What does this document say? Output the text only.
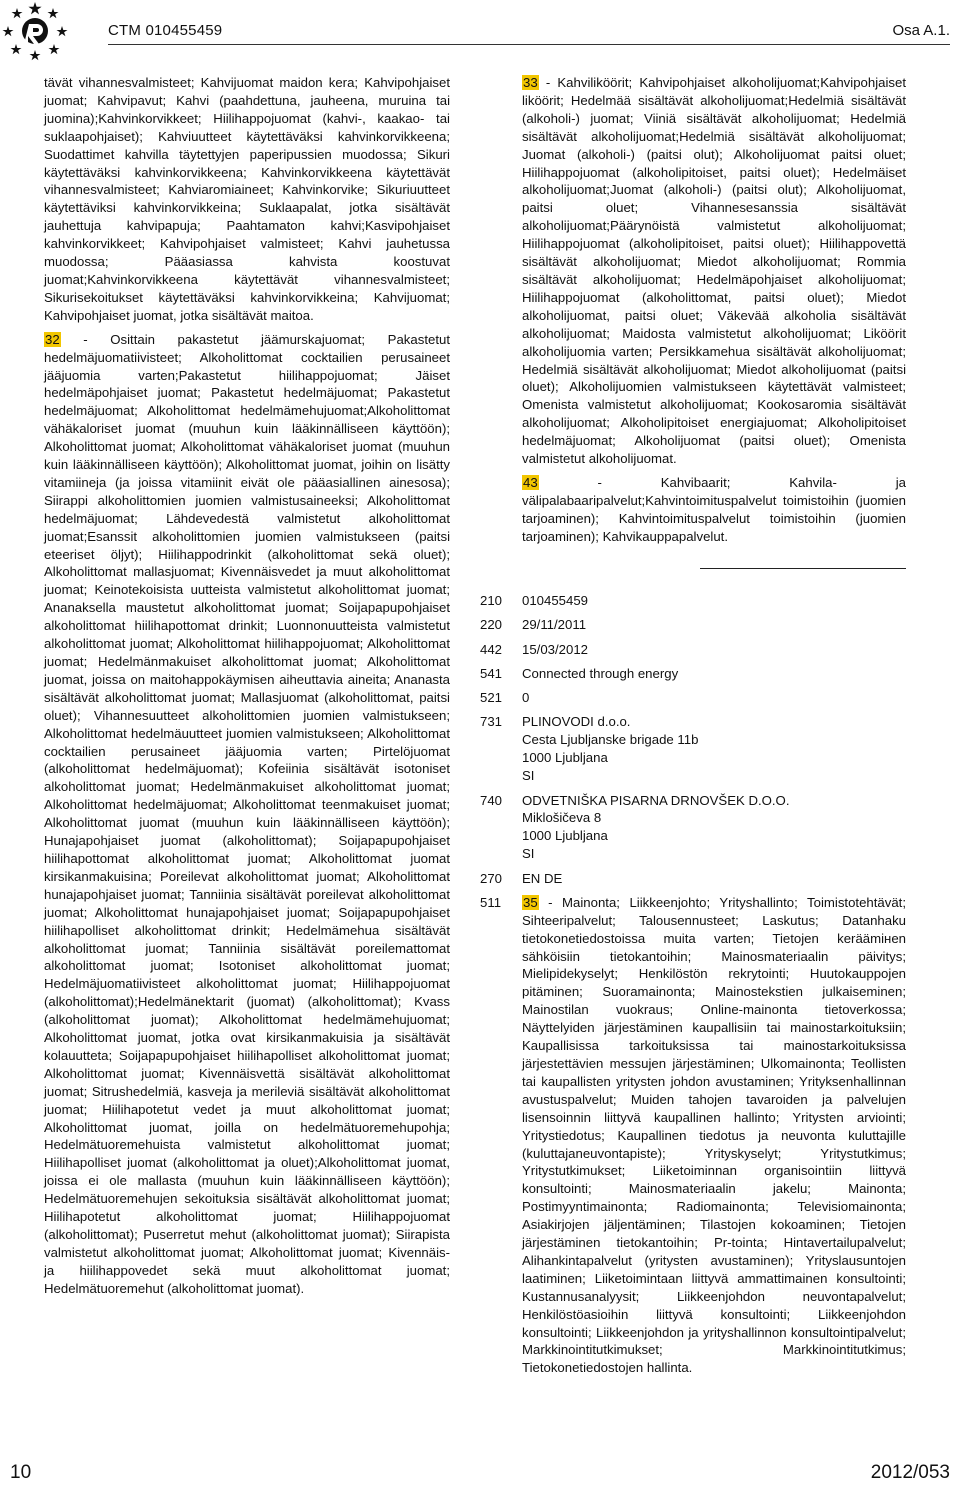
CTM 010455459	Osa A.1.

tävät vihannesvalmisteet; Kahvijuomat maidon kera; Kahvipohjaiset juomat; Kahvipavut; Kahvi (paahdettuna, jauheena, muruina tai juomina);Kahvinkorvikkeet; Hiilihappojuomat (kahvi-, kaakao- tai suklaapohjaiset); Kahviuutteet käytettäväksi kahvinkorvikkeena; Suodattimet kahvilla täytettyjen paperipussien muodossa; Sikuri käytettäväksi kahvinkorvikkeena; Kahvinkorvikkeena käytettävät vihannesvalmisteet; Kahviaromiaineet; Kahvinkorvike; Sikuriuutteet käytettäviksi kahvinkorvikkeina; Suklaapalat, jotka sisältävät jauhettuja kahvipapuja; Paahtamaton kahvi;Kasvipohjaiset kahvinkorvikkeet; Kahvipohjaiset valmisteet; Kahvi jauhetussa muodossa; Pääasiassa kahvista koostuvat juomat;Kahvinkorvikkeena käytettävät vihannesvalmisteet; Sikurisekoitukset käytettäväksi kahvinkorvikkeina; Kahvijuomat; Kahvipohjaiset juomat, jotka sisältävät maitoa.

32 - Osittain pakastetut jäämurskajuomat; Pakastetut hedelmäjuomatiivisteet; Alkoholittomat cocktailien perusaineet jääjuomia varten;Pakastetut hiilihappojuomat; Jäiset hedelmäpohjaiset juomat; Pakastetut hedelmäjuomat; Pakastetut hedelmäjuomat; Alkoholittomat hedelmämehujuomat;Alkoholittomat vähäkaloriset juomat (muuhun kuin lääkinnälliseen käyttöön); Alkoholittomat juomat; Alkoholittomat vähäkaloriset juomat (muuhun kuin lääkinnälliseen käyttöön); Alkoholittomat juomat, joihin on lisätty vitamiineja (ja joissa vitamiinit eivät ole pääasiallinen ainesosa); Siirappi alkoholittomien juomien valmistusaineeksi; Alkoholittomat hedelmäjuomat; Lähdevedestä valmistetut alkoholittomat juomat;Esanssit alkoholittomien juomien valmistukseen (paitsi eteeriset öljyt); Hiilihappodrinkit (alkoholittomat sekä oluet); Alkoholittomat mallasjuomat; Kivennäisvedet ja muut alkoholittomat juomat; Keinotekoisista uutteista valmistetut alkoholittomat juomat; Ananaksella maustetut alkoholittomat juomat; Soijapapupohjaiset alkoholittomat hiilihapottomat drinkit; Luonnonuutteista valmistetut alkoholittomat juomat; Alkoholittomat hiilihappojuomat; Alkoholittomat juomat; Hedelmänmakuiset alkoholittomat juomat; Alkoholittomat juomat, joissa on maitohappokäymisen aiheuttavia aineita; Ananasta sisältävät alkoholittomat juomat; Mallasjuomat (alkoholittomat, paitsi oluet); Vihannesuutteet alkoholittomien juomien valmistukseen; Alkoholittomat hedelmäuutteet juomien valmistukseen; Alkoholittomat cocktailien perusaineet jääjuomia varten; Pirtelöjuomat (alkoholittomat hedelmäjuomat); Kofeiinia sisältävät isotoniset alkoholittomat juomat; Hedelmänmakuiset alkoholittomat juomat; Alkoholittomat hedelmäjuomat; Alkoholittomat teenmakuiset juomat; Alkoholittomat juomat (muuhun kuin lääkinnälliseen käyttöön); Hunajapohjaiset juomat (alkoholittomat); Soijapapupohjaiset hiilihapottomat alkoholittomat juomat; Alkoholittomat juomat kirsikanmakuisina; Poreilevat alkoholittomat juomat; Alkoholittomat hunajapohjaiset juomat; Tanniinia sisältävät poreilevat alkoholittomat juomat; Alkoholittomat hunajapohjaiset juomat; Soijapapupohjaiset hiilihapolliset alkoholittomat drinkit; Hedelmämehua sisältävät alkoholittomat juomat; Tanniinia sisältävät poreilemattomat alkoholittomat juomat; Isotoniset alkoholittomat juomat; Hedelmäjuomatiivisteet alkoholittomat juomat; Hiilihappojuomat (alkoholittomat);Hedelmänektarit (juomat) (alkoholittomat); Kvass (alkoholittomat juomat); Alkoholittomat hedelmämehujuomat; Alkoholittomat juomat, jotka ovat kirsikanmakuisia ja sisältävät kolauutteta; Soijapapupohjaiset hiilihapolliset alkoholittomat juomat; Alkoholittomat juomat; Kivennäisvettä sisältävät alkoholittomat juomat; Sitrushedelmiä, kasveja ja merileviä sisältävät alkoholittomat juomat; Hiilihapotetut vedet ja muut alkoholittomat juomat; Alkoholittomat juomat, joilla on hedelmätuoremehupohja; Hedelmätuoremehuista valmistetut alkoholittomat juomat; Hiilihapolliset juomat (alkoholittomat ja oluet);Alkoholittomat juomat, joissa ei ole mallasta (muuhun kuin lääkinnälliseen käyttöön); Hedelmätuoremehujen sekoituksia sisältävät alkoholittomat juomat; Hiilihapotetut alkoholittomat juomat; Hiilihappojuomat (alkoholittomat); Puserretut mehut (alkoholittomat juomat); Siirapista valmistetut alkoholittomat juomat; Alkoholittomat juomat; Kivennäis- ja hiilihappovedet sekä muut alkoholittomat juomat; Hedelmätuoremehut (alkoholittomat juomat).

33 - Kahviliköörit; Kahvipohjaiset alkoholijuomat;Kahvipohjaiset liköörit; Hedelmää sisältävät alkoholijuomat;Hedelmiä sisältävät (alkoholi-) juomat; Viiniä sisältävät alkoholijuomat; Hedelmiä sisältävät alkoholijuomat;Hedelmiä sisältävät alkoholijuomat; Juomat (alkoholi-) (paitsi olut); Alkoholijuomat paitsi oluet; Hiilihappojuomat (alkoholipitoiset, paitsi oluet); Hedelmäiset alkoholijuomat;Juomat (alkoholi-) (paitsi olut); Alkoholijuomat, paitsi oluet; Vihannesesanssia sisältävät alkoholijuomat;Päärynöistä valmistetut alkoholijuomat; Hiilihappojuomat (alkoholipitoiset, paitsi oluet); Hiilihappovettä sisältävät alkoholijuomat; Miedot alkoholijuomat; Rommia sisältävät alkoholijuomat; Hedelmäpohjaiset alkoholijuomat; Hiilihappojuomat (alkoholittomat, paitsi oluet); Miedot alkoholijuomat, paitsi oluet; Väkevää alkoholia sisältävät alkoholijuomat; Maidosta valmistetut alkoholijuomat; Liköörit alkoholijuomia varten; Persikkamehua sisältävät alkoholijuomat; Hedelmiä sisältävät alkoholijuomat; Miedot alkoholijuomat (paitsi oluet); Alkoholijuomien valmistukseen käytettävät valmisteet; Omenista valmistetut alkoholijuomat; Kookosaromia sisältävät alkoholijuomat; Alkoholipitoiset energiajuomat; Alkoholipitoiset hedelmäjuomat; Alkoholijuomat (paitsi oluet); Omenista valmistetut alkoholijuomat.

43 - Kahvibaarit; Kahvila- ja välipalabaaripalvelut;Kahvintoimituspalvelut toimistoihin (juomien tarjoaminen); Kahvintoimituspalvelut toimistoihin (juomien tarjoaminen); Kahvikauppapalvelut.

210	010455459
220	29/11/2011
442	15/03/2012
541	Connected through energy
521	0
731	PLINOVODI d.o.o.
Cesta Ljubljanske brigade 11b
1000 Ljubljana
SI
740	ODVETNIŠKA PISARNA DRNOVŠEK D.O.O.
Miklošičeva 8
1000 Ljubljana
SI
270	EN DE
511	35 - Mainonta; Liikkeenjohto; Yrityshallinto; Toimistotehtävät; Sihteeripalvelut; Talousennusteet; Laskutus; Datanhaku tietokonetiedostoissa muita varten; Tietojen keräämінen sähköisiin tietokantoihin; Mainosmateriaalin päivitys; Mielipidekyselyt; Henkilöstön rekrytointi; Huutokauppojen pitäminen; Suoramainonta; Mainostekstien julkaiseminen; Mainostilan vuokraus; Online-mainonta tietoverkossa; Näyttelyiden järjestäminen kaupallisiin tai mainostarkoituksiin; Kaupallisissa tarkoituksissa tai mainostarkoituksissa järjestettävien messujen järjestäminen; Ulkomainonta; Teollisten tai kaupallisten yritysten johdon avustaminen; Yrityksenhallinnan avustuspalvelut; Muiden tahojen tavaroiden ja palvelujen lisensoinnin liittyvä kaupallinen hallinto; Yritysten arviointi; Yritystiedotus; Kaupallinen tiedotus ja neuvonta kuluttajille (kuluttajaneuvontapiste); Yrityskyselyt; Yritystutkimus; Yritystutkimukset; Liiketoiminnan organisointiin liittyvä konsultointi; Mainosmateriaalin jakelu; Mainonta; Postimyyntimainonta; Radiomainonta; Televisiomainonta; Asiakirjojen jäljentäminen; Tilastojen kokoaminen; Tietojen järjestäminen tietokantoihin; Pr-tointa; Hintavertailupalvelut; Alihankintapalvelut (yritysten avustaminen); Yrityslausuntojen laatiminen; Liiketoimintaan liittyvä ammattimainen konsultointi; Kustannusanalyysit; Liikkeenjohdon neuvontapalvelut; Henkilöstöasioihin liittyvä konsultointi; Liikkeenjohdon konsultointi; Liikkeenjohdon ja yrityshallinnon konsultointipalvelut; Markkinointitutkimukset; Markkinointitutkimus; Tietokonetiedostojen hallinta.
10	2012/053
